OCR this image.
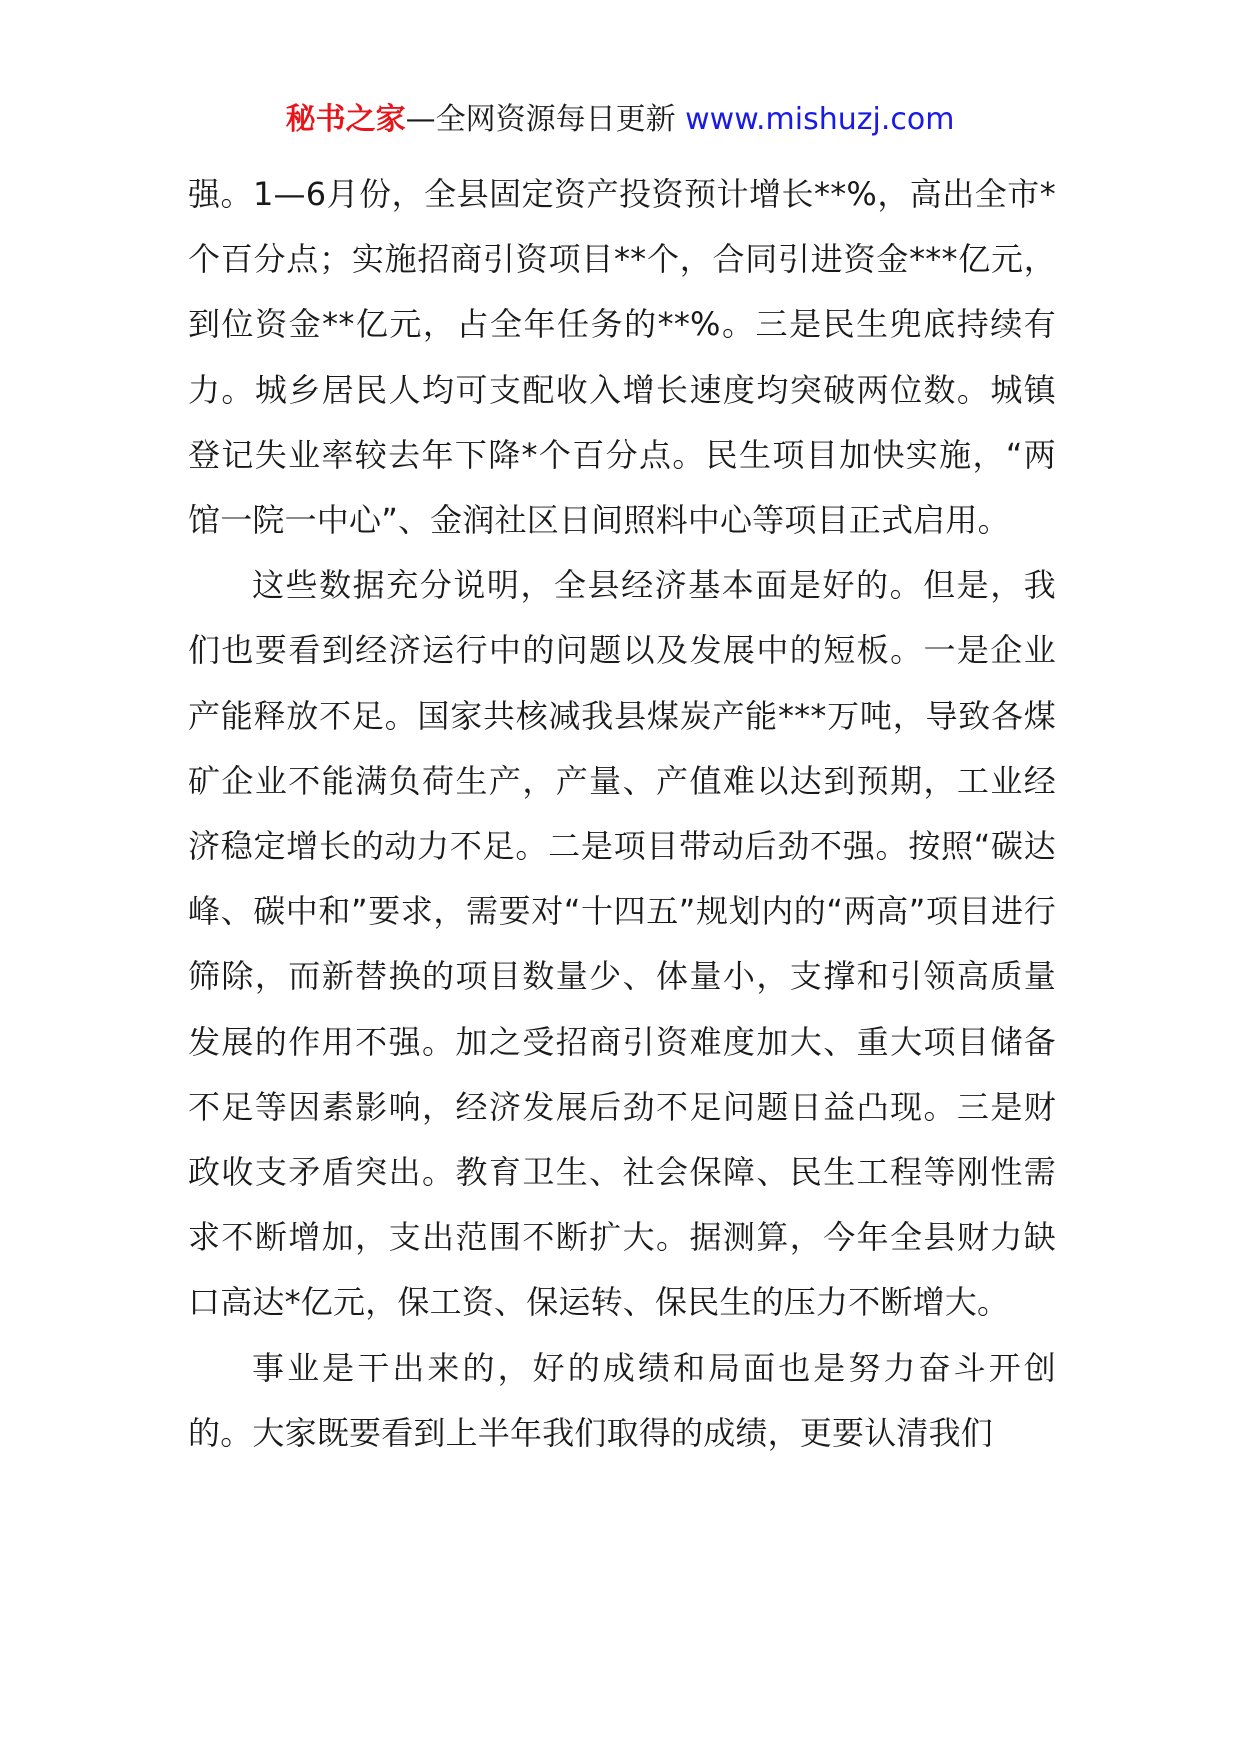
秘书之家—全网资源每日更新 www.mishuzj.com

强。1—6月份，全县固定资产投资预计增长**%，高出全市*个百分点；实施招商引资项目**个，合同引进资金***亿元，到位资金**亿元，占全年任务的**%。三是民生兜底持续有力。城乡居民人均可支配收入增长速度均突破两位数。城镇登记失业率较去年下降*个百分点。民生项目加快实施，“两馆一院一中心”、金润社区日间照料中心等项目正式启用。

这些数据充分说明，全县经济基本面是好的。但是，我们也要看到经济运行中的问题以及发展中的短板。一是企业产能释放不足。国家共核减我县煤炭产能***万吨，导致各煤矿企业不能满负荷生产，产量、产值难以达到预期，工业经济稳定增长的动力不足。二是项目带动后劲不强。按照“碳达峰、碳中和”要求，需要对“十四五”规划内的“两高”项目进行筛除，而新替换的项目数量少、体量小，支撑和引领高质量发展的作用不强。加之受招商引资难度加大、重大项目储备不足等因素影响，经济发展后劲不足问题日益凸现。三是财政收支矛盾突出。教育卫生、社会保障、民生工程等刚性需求不断增加，支出范围不断扩大。据测算，今年全县财力缺口高达*亿元，保工资、保运转、保民生的压力不断增大。

事业是干出来的，好的成绩和局面也是努力奋斗开创的。大家既要看到上半年我们取得的成绩，更要认清我们
